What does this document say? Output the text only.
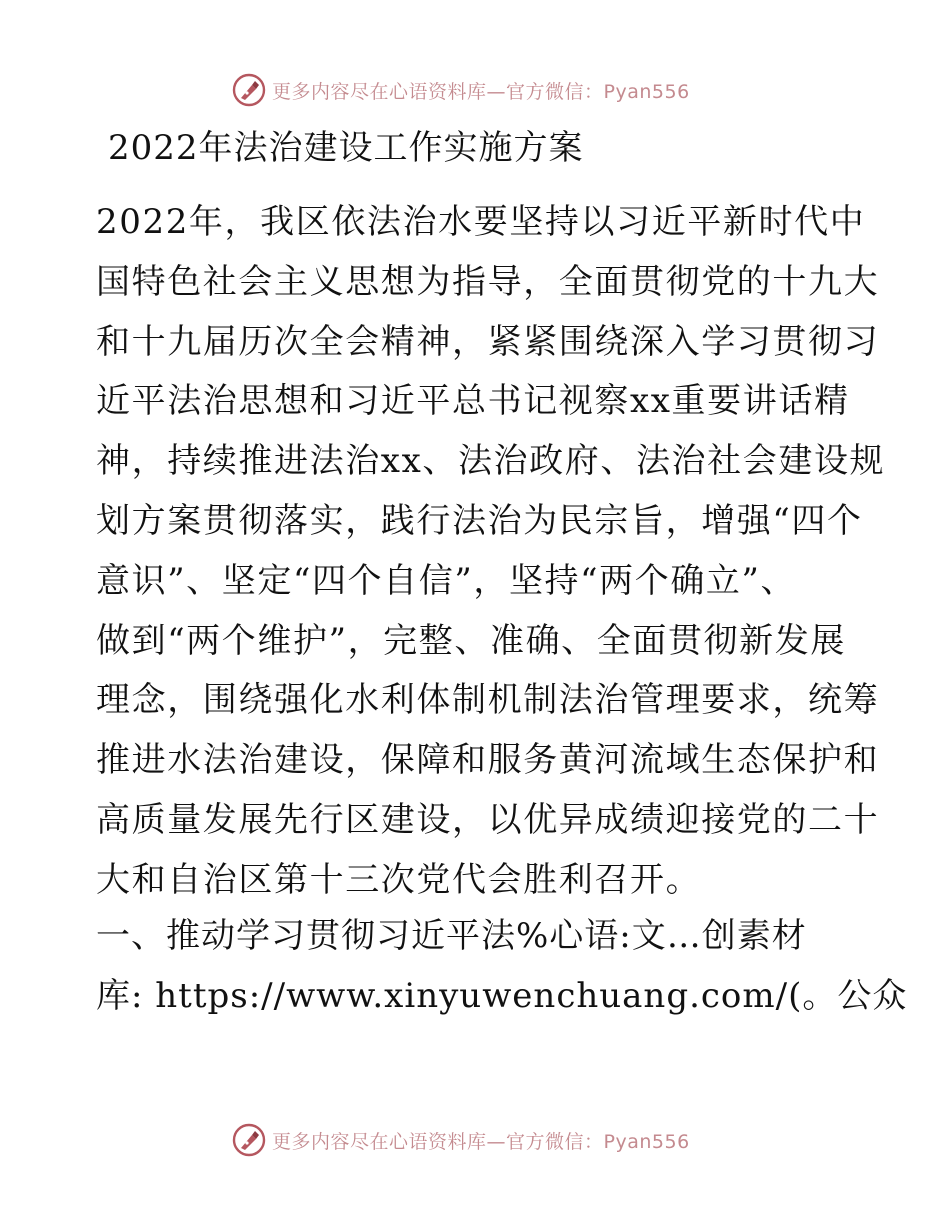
更多内容尽在心语资料库—官方微信：Pyan556
2022年法治建设工作实施方案
2022年，我区依法治水要坚持以习近平新时代中
国特色社会主义思想为指导，全面贯彻党的十九大
和十九届历次全会精神，紧紧围绕深入学习贯彻习
近平法治思想和习近平总书记视察xx重要讲话精
神，持续推进法治xx、法治政府、法治社会建设规
划方案贯彻落实，践行法治为民宗旨，增强“四个
意识”、坚定“四个自信”，坚持“两个确立”、
做到“两个维护”，完整、准确、全面贯彻新发展
理念，围绕强化水利体制机制法治管理要求，统筹
推进水法治建设，保障和服务黄河流域生态保护和
高质量发展先行区建设，以优异成绩迎接党的二十
大和自治区第十三次党代会胜利召开。
一、推动学习贯彻习近平法%心语:文…创素材
库: https://www.xinyuwenchuang.com/(。公众
更多内容尽在心语资料库—官方微信：Pyan556
